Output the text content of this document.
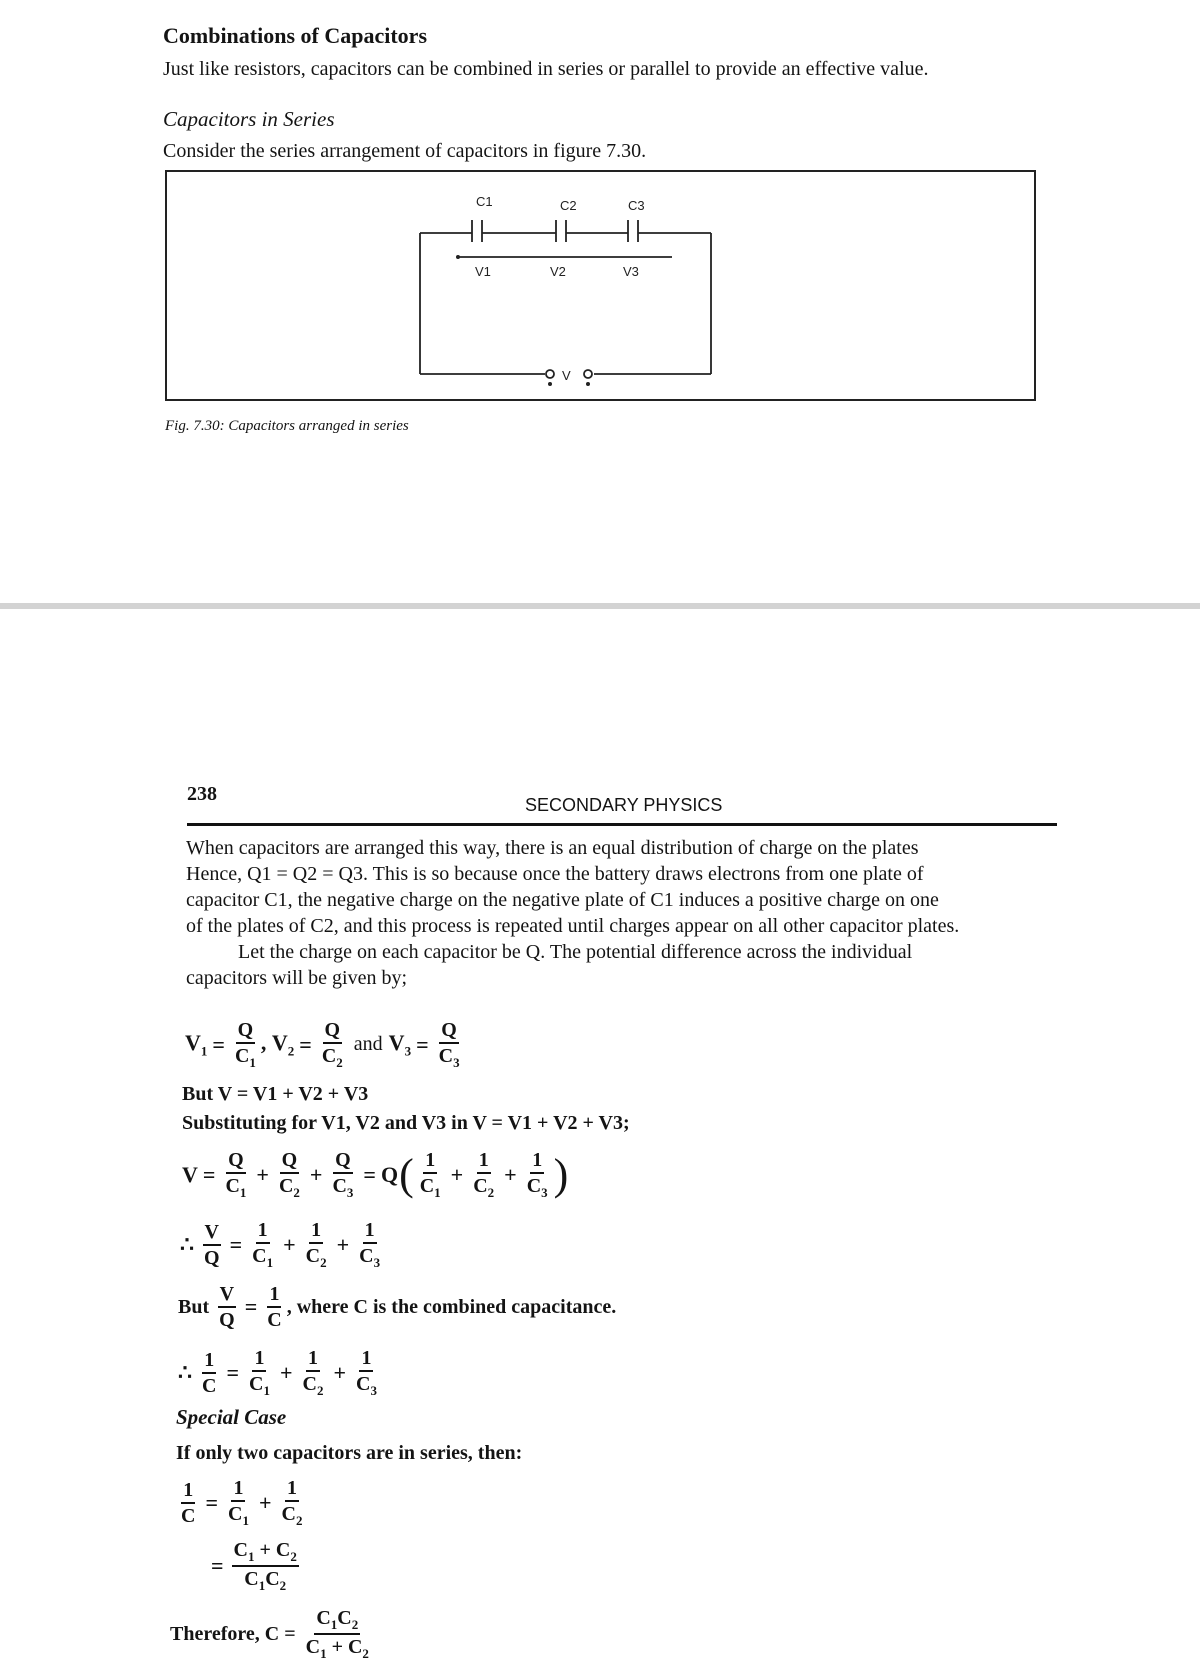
Combinations of Capacitors
Just like resistors, capacitors can be combined in series or parallel to provide an effective value.
Capacitors in Series
Consider the series arrangement of capacitors in figure 7.30.
C1	C2	C3
V1	V2	V3
V
Fig. 7.30: Capacitors arranged in series
238	SECONDARY PHYSICS
When capacitors are arranged this way, there is an equal distribution of charge on the plates
Hence, Q1 = Q2 = Q3. This is so because once the battery draws electrons from one plate of
capacitor C1, the negative charge on the negative plate of C1 induces a positive charge on one
of the plates of C2, and this process is repeated until charges appear on all other capacitor plates.
Let the charge on each capacitor be Q. The potential difference across the individual
capacitors will be given by;
$V_1 = \frac{Q}{C_1}$ , $V_2 = \frac{Q}{C_2}$ and $V_3 = \frac{Q}{C_3}$
But V = V1 + V2 + V3
Substituting for V1, V2 and V3 in V = V1 + V2 + V3;
$V = \frac{Q}{C_1} + \frac{Q}{C_2} + \frac{Q}{C_3} = Q$ ( $\frac{1}{C_1} + \frac{1}{C_2} + \frac{1}{C_3}$ )
∴ $\frac{V}{Q} = \frac{1}{C_1} + \frac{1}{C_2} + \frac{1}{C_3}$
But $\frac{V}{Q} = \frac{1}{C}$ , where C is the combined capacitance.
∴ $\frac{1}{C} = \frac{1}{C_1} + \frac{1}{C_2} + \frac{1}{C_3}$
Special Case
If only two capacitors are in series, then:
$\frac{1}{C} = \frac{1}{C_1} + \frac{1}{C_2}$
= $\frac{C_1 + C_2}{C_1C_2}$
Therefore, $C = \frac{C_1C_2}{C_1 + C_2}$
